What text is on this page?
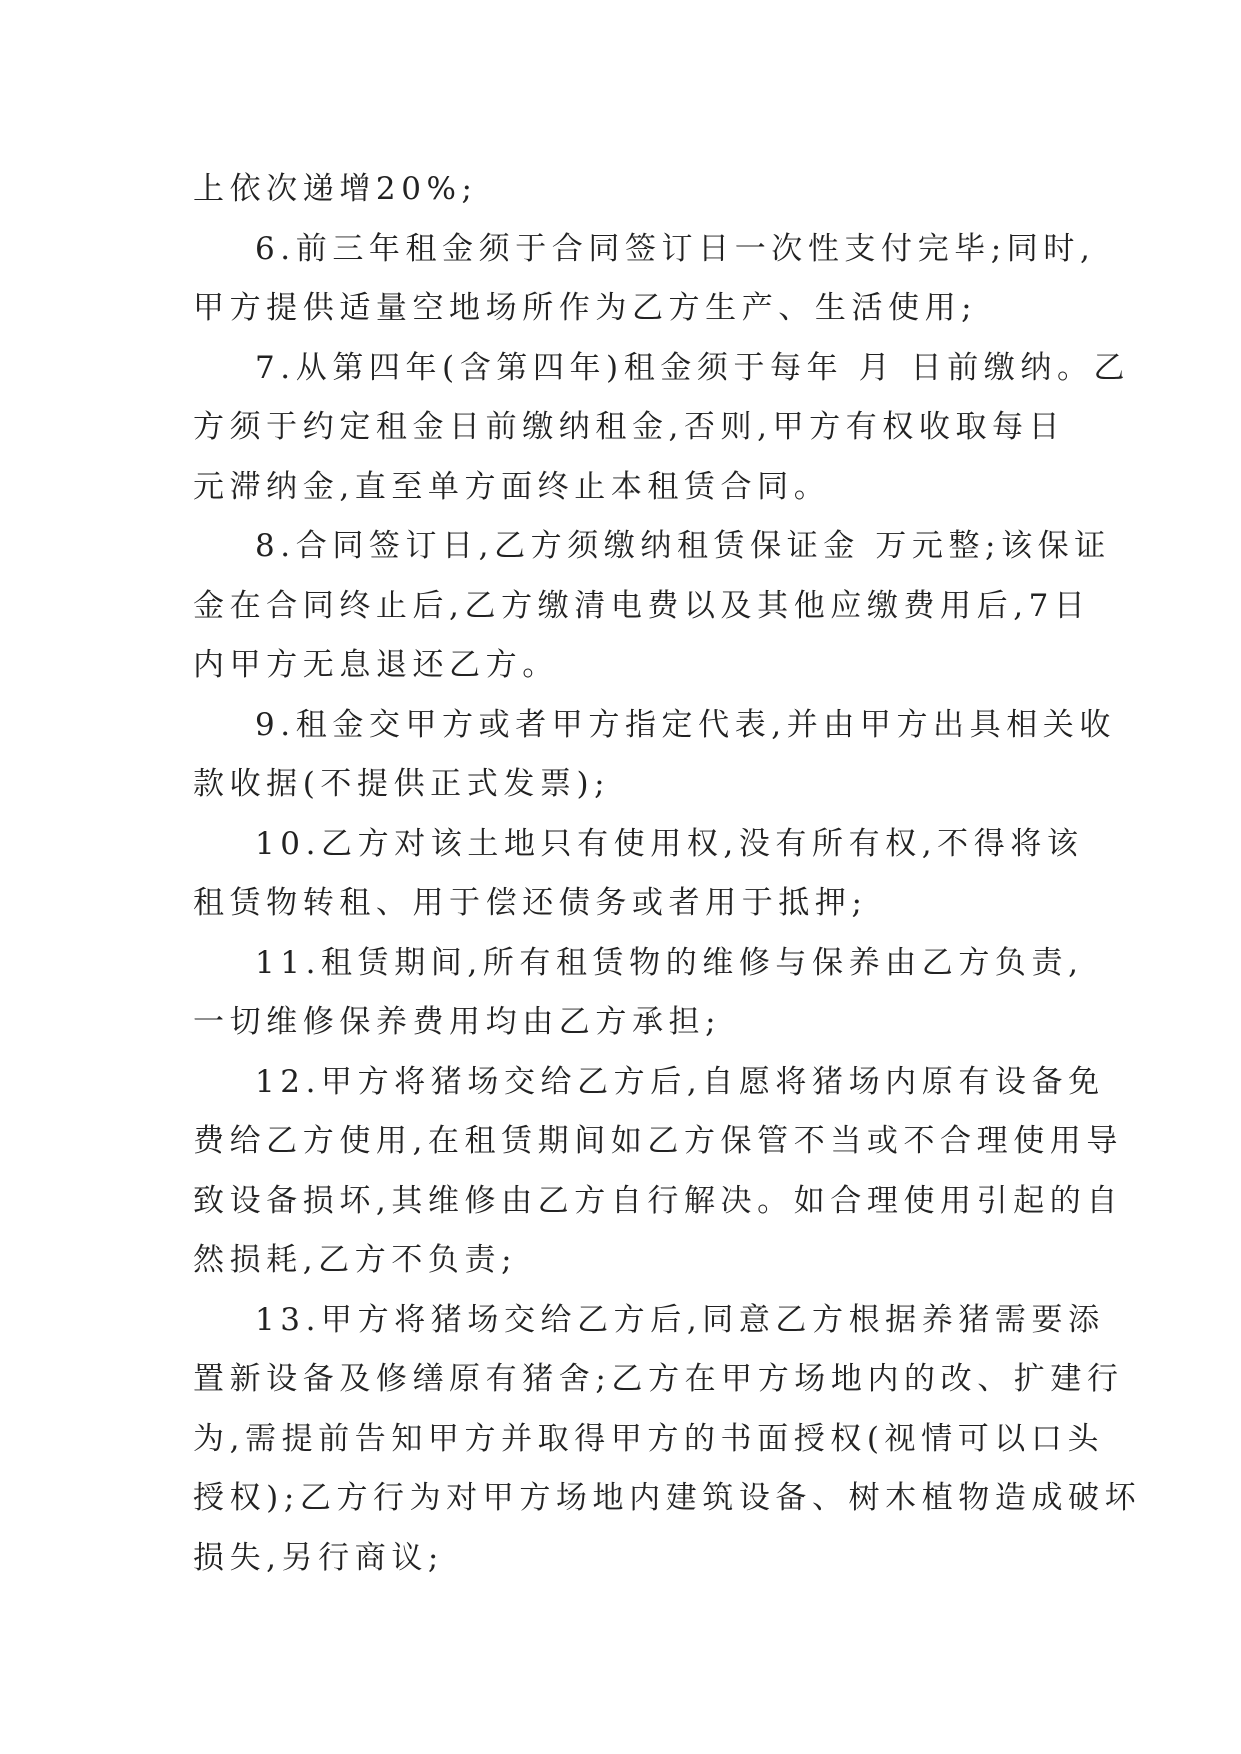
上依次递增20%;
6.前三年租金须于合同签订日一次性支付完毕;同时,
甲方提供适量空地场所作为乙方生产、生活使用;
7.从第四年(含第四年)租金须于每年 月 日前缴纳。乙
方须于约定租金日前缴纳租金,否则,甲方有权收取每日
元滞纳金,直至单方面终止本租赁合同。
8.合同签订日,乙方须缴纳租赁保证金 万元整;该保证
金在合同终止后,乙方缴清电费以及其他应缴费用后,7日
内甲方无息退还乙方。
9.租金交甲方或者甲方指定代表,并由甲方出具相关收
款收据(不提供正式发票);
10.乙方对该土地只有使用权,没有所有权,不得将该
租赁物转租、用于偿还债务或者用于抵押;
11.租赁期间,所有租赁物的维修与保养由乙方负责,
一切维修保养费用均由乙方承担;
12.甲方将猪场交给乙方后,自愿将猪场内原有设备免
费给乙方使用,在租赁期间如乙方保管不当或不合理使用导
致设备损坏,其维修由乙方自行解决。如合理使用引起的自
然损耗,乙方不负责;
13.甲方将猪场交给乙方后,同意乙方根据养猪需要添
置新设备及修缮原有猪舍;乙方在甲方场地内的改、扩建行
为,需提前告知甲方并取得甲方的书面授权(视情可以口头
授权);乙方行为对甲方场地内建筑设备、树木植物造成破坏
损失,另行商议;
